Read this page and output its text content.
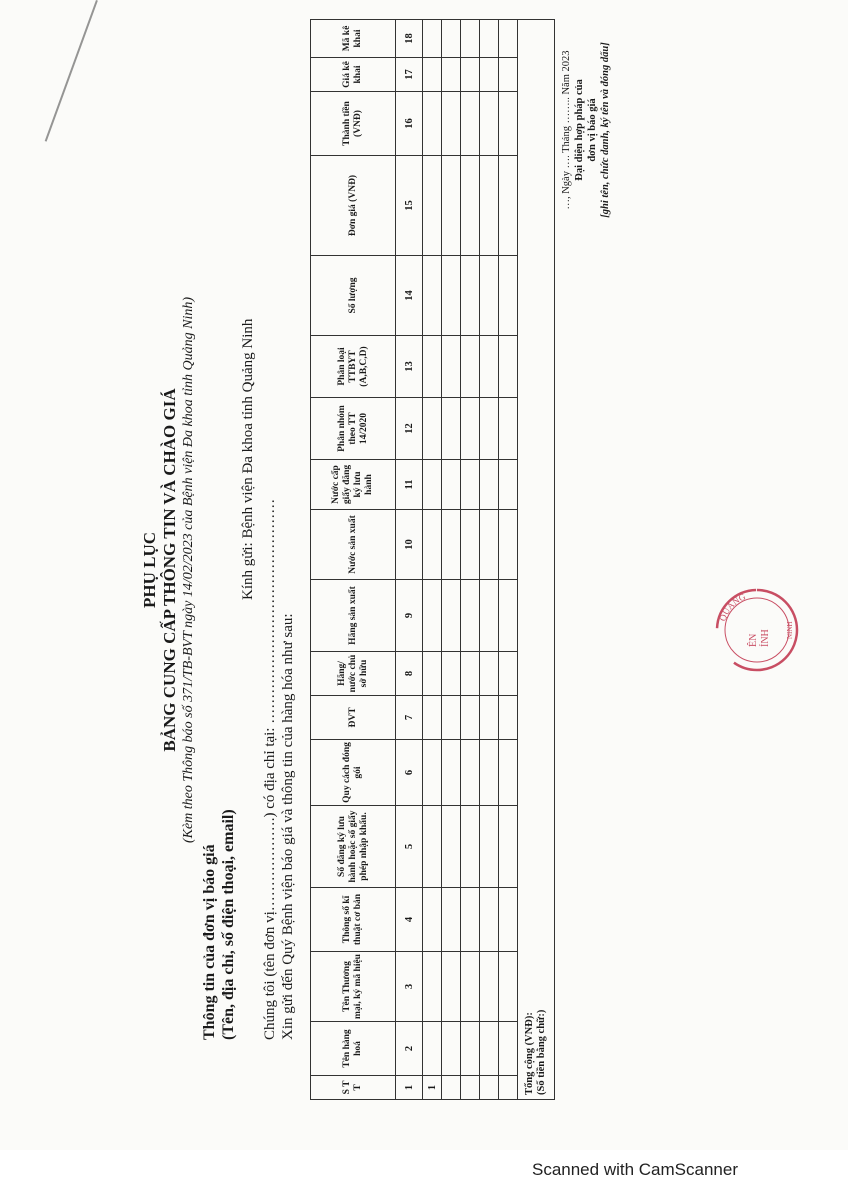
PHỤ LỤC BẢNG CUNG CẤP THÔNG TIN VÀ CHÀO GIÁ (Kèm theo Thông báo số 371/TB-BVT ngày 14/02/2023 của Bệnh viện Đa khoa tỉnh Quảng Ninh)
Thông tin của đơn vị báo giá (Tên, địa chỉ, số điện thoại, email)
Kính gửi: Bệnh viện Đa khoa tỉnh Quảng Ninh
Chúng tôi (tên đơn vị……………….) có địa chỉ tại: ……………………………………… Xin gửi đến Quý Bệnh viện báo giá và thông tin của hàng hóa như sau:
S T T	Tên hàng hoá	Tên Thương mại, ký mã hiệu	Thông số kĩ thuật cơ bản	Số đăng ký lưu hành hoặc số giấy phép nhập khẩu.	Quy cách đóng gói	ĐVT	Hãng/ nước chủ sở hữu	Hãng sản xuất	Nước sản xuất	Nước cấp giấy đăng ký lưu hành	Phân nhóm theo TT 14/2020	Phân loại TTBYT (A,B,C,D)	Số lượng	Đơn giá (VNĐ)	Thành tiền (VNĐ)	Giá kê khai	Mã kê khai
1	2	3	4	5	6	7	8	9	10	11	12	13	14	15	16	17	18
1																	

Tổng cộng (VNĐ): (Số tiền bằng chữ:)																	
…, Ngày …. Tháng …….. Năm 2023 Đại diện hợp pháp của đơn vị báo giá [ghi tên, chức danh, ký tên và đóng dấu]
QUẢNG
ÊN ỈNH NINH
Scanned with CamScanner
